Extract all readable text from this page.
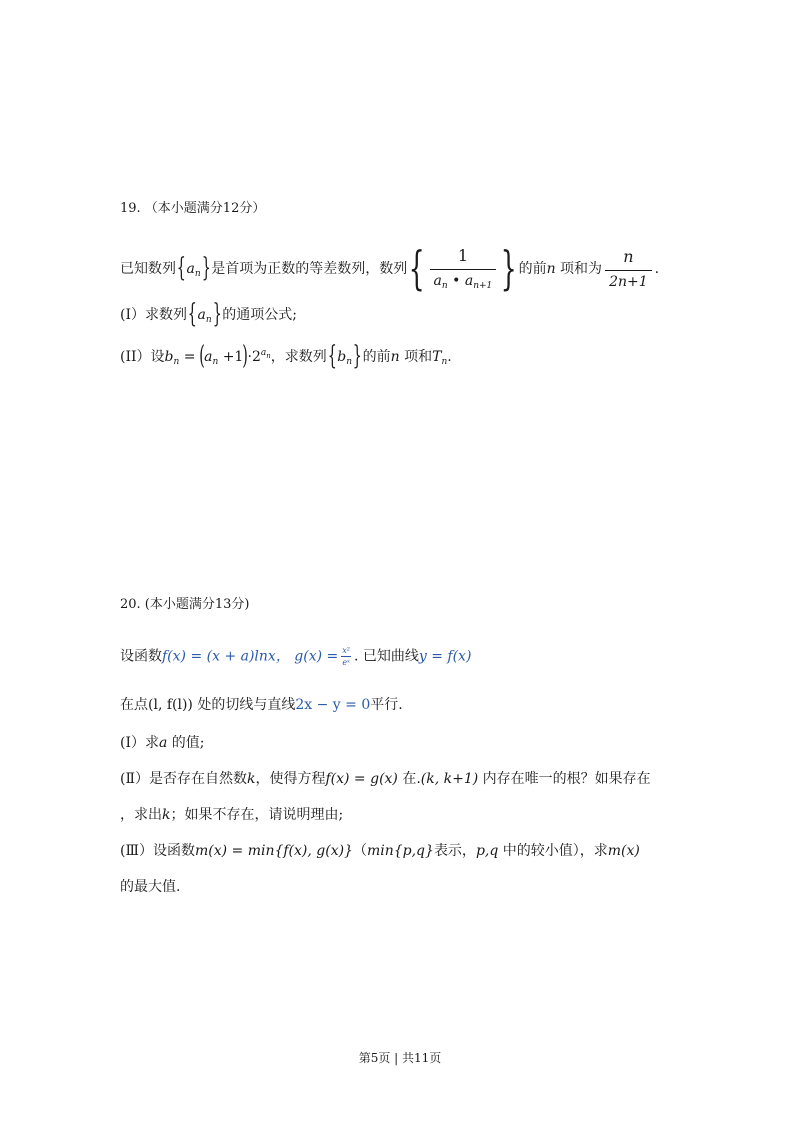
19. （本小题满分12分）
已知数列$\{a_n\}$是首项为正数的等差数列，数列{ $\frac{1}{a_n • a_{n+1}}$ } 的前n 项和为 $\frac{n}{2n+1}$ .
(I）求数列$\{a_n\}$的通项公式;
(II）设$b_n = (a_n +1)\cdot 2^{a_n}$，求数列$\{b_n\}$的前n 项和$T_n$.
20. (本小题满分13分)
设函数f(x) = (x + a)lnx， $g(x) = \frac{\text{x²}}{\text{eˣ}}$ . 已知曲线y = f(x)
在点(l, f(l)) 处的切线与直线2x − y = 0平行.
(Ⅰ）求a 的值;
(Ⅱ）是否存在自然数k，使得方程f(x) = g(x) 在.(k, k+1) 内存在唯一的根？如果存在
，求出k；如果不存在，请说明理由;
(Ⅲ）设函数m(x) = min{f(x), g(x)}（min{p,q}表示，p,q 中的较小值），求m(x)
的最大值.
第5页 | 共11页
